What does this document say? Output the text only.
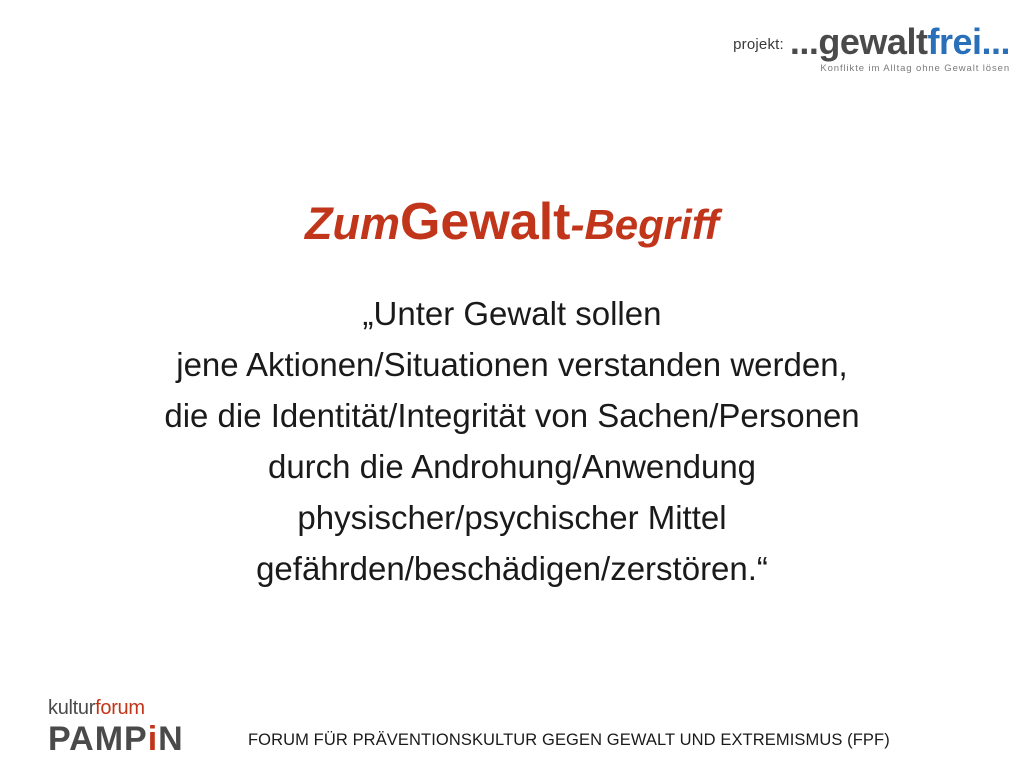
projekt: ...gewaltfrei...
Konflikte im Alltag ohne Gewalt lösen
ZumGewalt-Begriff
„Unter Gewalt sollen
jene Aktionen/Situationen verstanden werden,
die die Identität/Integrität von Sachen/Personen
durch die Androhung/Anwendung
physischer/psychischer Mittel
gefährden/beschädigen/zerstören.“
kulturforum
PAMPiN	FORUM FÜR PRÄVENTIONSKULTUR GEGEN GEWALT UND EXTREMISMUS (FPF)
